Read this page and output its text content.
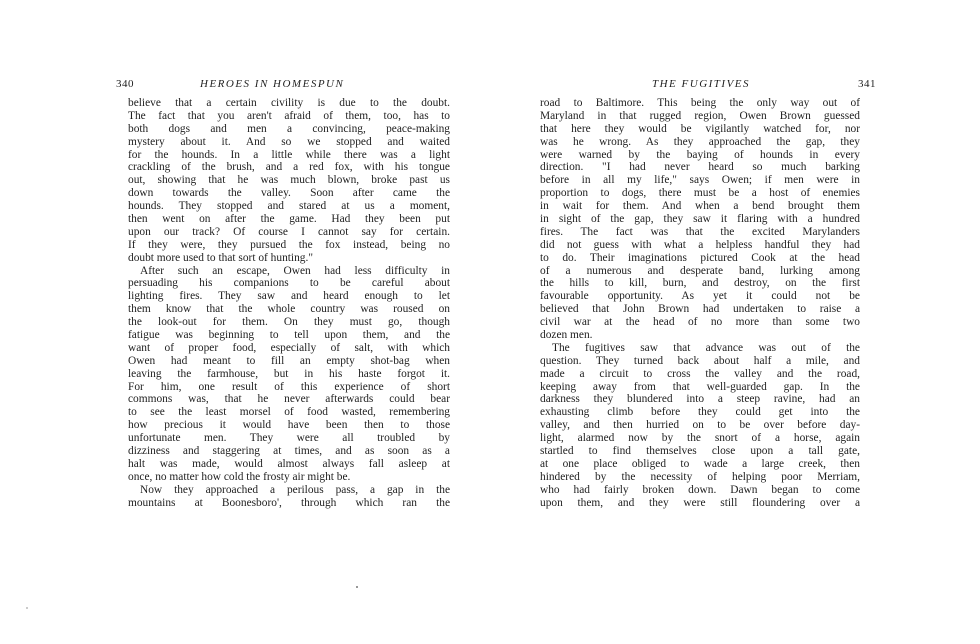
340	HEROES IN HOMESPUN
believe that a certain civility is due to the doubt.
The fact that you aren't afraid of them, too, has to
both dogs and men a convincing, peace-making
mystery about it. And so we stopped and waited
for the hounds. In a little while there was a light
crackling of the brush, and a red fox, with his tongue
out, showing that he was much blown, broke past us
down towards the valley. Soon after came the
hounds. They stopped and stared at us a moment,
then went on after the game. Had they been put
upon our track? Of course I cannot say for certain.
If they were, they pursued the fox instead, being no
doubt more used to that sort of hunting."
After such an escape, Owen had less difficulty in
persuading his companions to be careful about
lighting fires. They saw and heard enough to let
them know that the whole country was roused on
the look-out for them. On they must go, though
fatigue was beginning to tell upon them, and the
want of proper food, especially of salt, with which
Owen had meant to fill an empty shot-bag when
leaving the farmhouse, but in his haste forgot it.
For him, one result of this experience of short
commons was, that he never afterwards could bear
to see the least morsel of food wasted, remembering
how precious it would have been then to those
unfortunate men. They were all troubled by
dizziness and staggering at times, and as soon as a
halt was made, would almost always fall asleep at
once, no matter how cold the frosty air might be.
Now they approached a perilous pass, a gap in the
mountains at Boonesboro', through which ran the
THE FUGITIVES	341
road to Baltimore. This being the only way out of
Maryland in that rugged region, Owen Brown guessed
that here they would be vigilantly watched for, nor
was he wrong. As they approached the gap, they
were warned by the baying of hounds in every
direction. "I had never heard so much barking
before in all my life," says Owen; if men were in
proportion to dogs, there must be a host of enemies
in wait for them. And when a bend brought them
in sight of the gap, they saw it flaring with a hundred
fires. The fact was that the excited Marylanders
did not guess with what a helpless handful they had
to do. Their imaginations pictured Cook at the head
of a numerous and desperate band, lurking among
the hills to kill, burn, and destroy, on the first
favourable opportunity. As yet it could not be
believed that John Brown had undertaken to raise a
civil war at the head of no more than some two
dozen men.
The fugitives saw that advance was out of the
question. They turned back about half a mile, and
made a circuit to cross the valley and the road,
keeping away from that well-guarded gap. In the
darkness they blundered into a steep ravine, had an
exhausting climb before they could get into the
valley, and then hurried on to be over before day-
light, alarmed now by the snort of a horse, again
startled to find themselves close upon a tall gate,
at one place obliged to wade a large creek, then
hindered by the necessity of helping poor Merriam,
who had fairly broken down. Dawn began to come
upon them, and they were still floundering over a
